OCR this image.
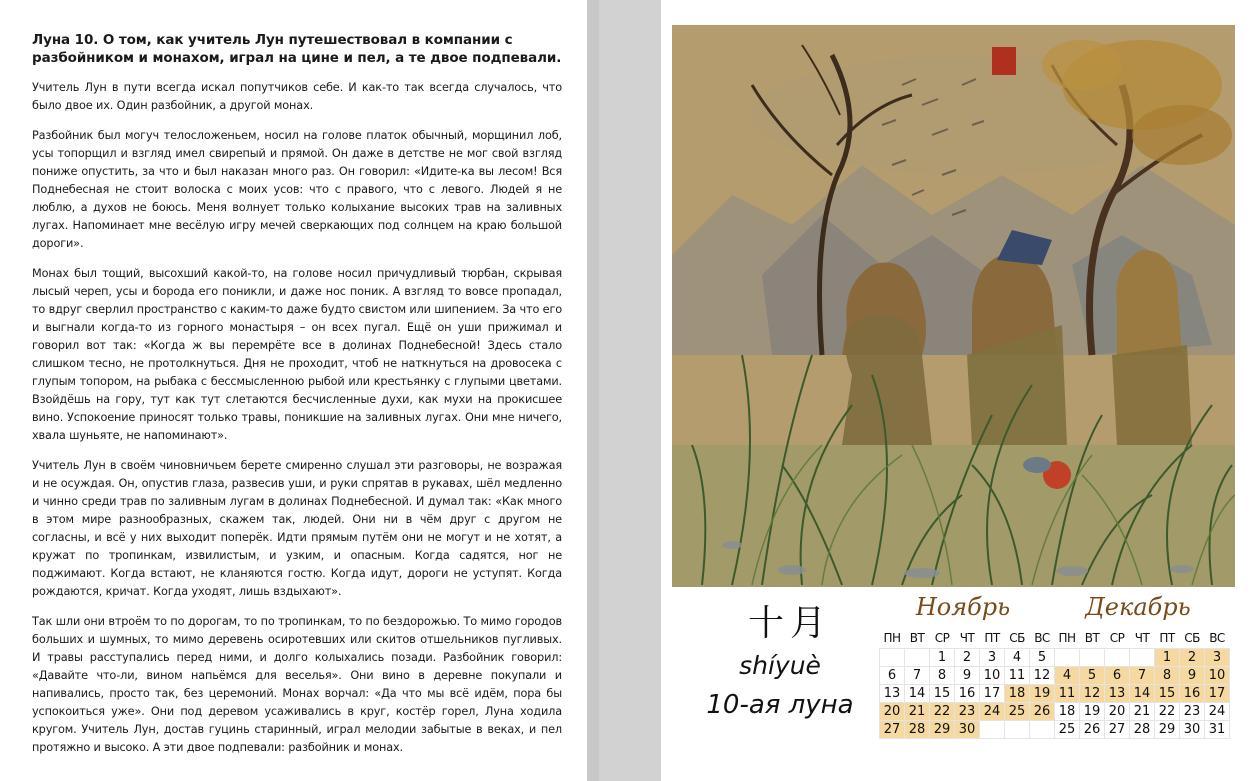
Луна 10. О том, как учитель Лун путешествовал в компании с разбойником и монахом, играл на цине и пел, а те двое подпевали.

Учитель Лун в пути всегда искал попутчиков себе. И как-то так всегда случалось, что было двое их. Один разбойник, а другой монах.

Разбойник был могуч телосложеньем, носил на голове платок обычный, морщинил лоб, усы топорщил и взгляд имел свирепый и прямой. Он даже в детстве не мог свой взгляд пониже опустить, за что и был наказан много раз. Он говорил: «Идите-ка вы лесом! Вся Поднебесная не стоит волоска с моих усов: что с правого, что с левого. Людей я не люблю, а духов не боюсь. Меня волнует только колыхание высоких трав на заливных лугах. Напоминает мне весёлую игру мечей сверкающих под солнцем на краю большой дороги».

Монах был тощий, высохший какой-то, на голове носил причудливый тюрбан, скрывая лысый череп, усы и борода его поникли, и даже нос поник. А взгляд то вовсе пропадал, то вдруг сверлил пространство с каким-то даже будто свистом или шипением. За что его и выгнали когда-то из горного монастыря – он всех пугал. Ещё он уши прижимал и говорил вот так: «Когда ж вы перемрёте все в долинах Поднебесной! Здесь стало слишком тесно, не протолкнуться. Дня не проходит, чтоб не наткнуться на дровосека с глупым топором, на рыбака с бессмысленною рыбой или крестьянку с глупыми цветами. Взойдёшь на гору, тут как тут слетаются бесчисленные духи, как мухи на прокисшее вино. Успокоение приносят только травы, поникшие на заливных лугах. Они мне ничего, хвала шуньяте, не напоминают».

Учитель Лун в своём чиновничьем берете смиренно слушал эти разговоры, не возражая и не осуждая. Он, опустив глаза, развесив уши, и руки спрятав в рукавах, шёл медленно и чинно среди трав по заливным лугам в долинах Поднебесной. И думал так: «Как много в этом мире разнообразных, скажем так, людей. Они ни в чём друг с другом не согласны, и всё у них выходит поперёк. Идти прямым путём они не могут и не хотят, а кружат по тропинкам, извилистым, и узким, и опасным. Когда садятся, ног не поджимают. Когда встают, не кланяются гостю. Когда идут, дороги не уступят. Когда рождаются, кричат. Когда уходят, лишь вздыхают».

Так шли они втроём то по дорогам, то по тропинкам, то по бездорожью. То мимо городов больших и шумных, то мимо деревень осиротевших или скитов отшельников пугливых. И травы расступались перед ними, и долго колыхались позади. Разбойник говорил: «Давайте что-ли, вином напьёмся для веселья». Они вино в деревне покупали и напивались, просто так, без церемоний. Монах ворчал: «Да что мы всё идём, пора бы успокоиться уже». Они под деревом усаживались в круг, костёр горел, Луна ходила кругом. Учитель Лун, достав гуцинь старинный, играл мелодии забытые в веках, и пел протяжно и высоко. А эти двое подпевали: разбойник и монах.

十月
shíyuè
10-ая луна
Ноябрь	Декабрь
ПН	ВТ	СР	ЧТ	ПТ	СБ	ВС
		1	2	3	4	5
6	7	8	9	10	11	12
13	14	15	16	17	18	19
20	21	22	23	24	25	26
27	28	29	30			
ПН	ВТ	СР	ЧТ	ПТ	СБ	ВС
				1	2	3
4	5	6	7	8	9	10
11	12	13	14	15	16	17
18	19	20	21	22	23	24
25	26	27	28	29	30	31
